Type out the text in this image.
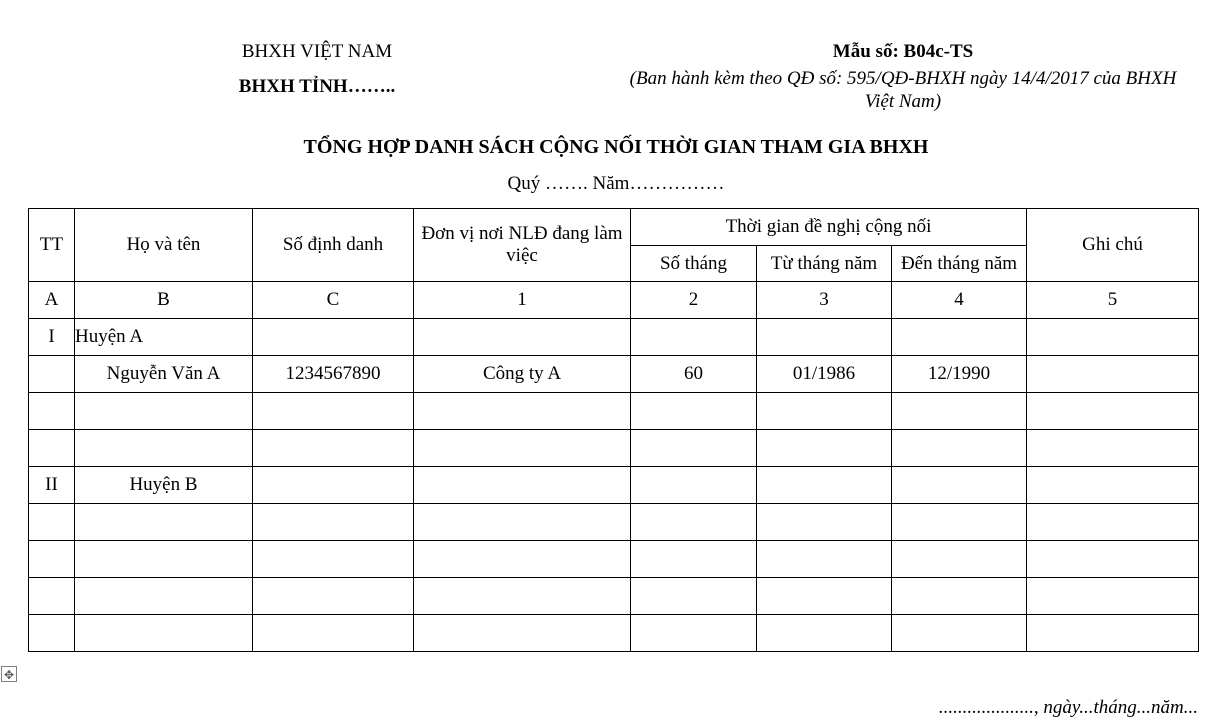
BHXH VIỆT NAM
BHXH TỈNH……..
Mẫu số: B04c-TS
(Ban hành kèm theo QĐ số: 595/QĐ-BHXH ngày 14/4/2017 của BHXH Việt Nam)
TỔNG HỢP DANH SÁCH CỘNG NỐI THỜI GIAN THAM GIA BHXH
Quý ……. Năm……………
TT	Họ và tên	Số định danh	Đơn vị nơi NLĐ đang làm việc	Thời gian đề nghị cộng nối			Ghi chú
				Số tháng	Từ tháng năm	Đến tháng năm	
A	B	C	1	2	3	4	5
I	Huyện A						
	Nguyễn Văn A	1234567890	Công ty A	60	01/1986	12/1990	

II	Huyện B						

✥
...................., ngày...tháng...năm...
